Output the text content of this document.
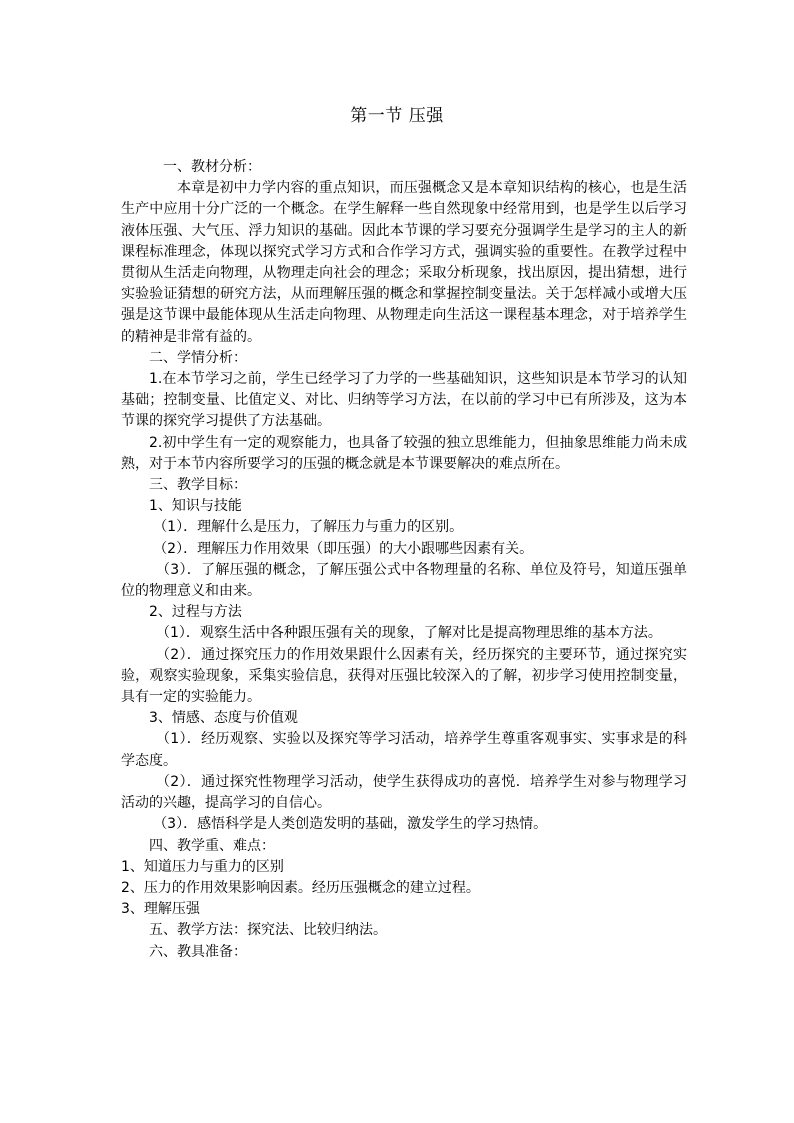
第一节 压强

一、教材分析：

本章是初中力学内容的重点知识，而压强概念又是本章知识结构的核心，也是生活生产中应用十分广泛的一个概念。在学生解释一些自然现象中经常用到，也是学生以后学习液体压强、大气压、浮力知识的基础。因此本节课的学习要充分强调学生是学习的主人的新课程标准理念，体现以探究式学习方式和合作学习方式，强调实验的重要性。在教学过程中贯彻从生活走向物理，从物理走向社会的理念；采取分析现象，找出原因，提出猜想，进行实验验证猜想的研究方法，从而理解压强的概念和掌握控制变量法。关于怎样减小或增大压强是这节课中最能体现从生活走向物理、从物理走向生活这一课程基本理念，对于培养学生的精神是非常有益的。

二、学情分析：

1.在本节学习之前，学生已经学习了力学的一些基础知识，这些知识是本节学习的认知基础；控制变量、比值定义、对比、归纳等学习方法，在以前的学习中已有所涉及，这为本节课的探究学习提供了方法基础。

2.初中学生有一定的观察能力，也具备了较强的独立思维能力，但抽象思维能力尚未成熟，对于本节内容所要学习的压强的概念就是本节课要解决的难点所在。

三、教学目标：

1、知识与技能

（1）．理解什么是压力，了解压力与重力的区别。

（2）．理解压力作用效果（即压强）的大小跟哪些因素有关。

（3）．了解压强的概念，了解压强公式中各物理量的名称、单位及符号，知道压强单位的物理意义和由来。

2、过程与方法

（1）．观察生活中各种跟压强有关的现象，了解对比是提高物理思维的基本方法。

（2）．通过探究压力的作用效果跟什么因素有关，经历探究的主要环节，通过探究实验，观察实验现象，采集实验信息，获得对压强比较深入的了解，初步学习使用控制变量，具有一定的实验能力。

3、情感、态度与价值观

（1）．经历观察、实验以及探究等学习活动，培养学生尊重客观事实、实事求是的科学态度。

（2）．通过探究性物理学习活动，使学生获得成功的喜悦．培养学生对参与物理学习活动的兴趣，提高学习的自信心。

（3）．感悟科学是人类创造发明的基础，激发学生的学习热情。

四、教学重、难点：

1、知道压力与重力的区别

2、压力的作用效果影响因素。经历压强概念的建立过程。

3、理解压强

五、教学方法：探究法、比较归纳法。

六、教具准备：
